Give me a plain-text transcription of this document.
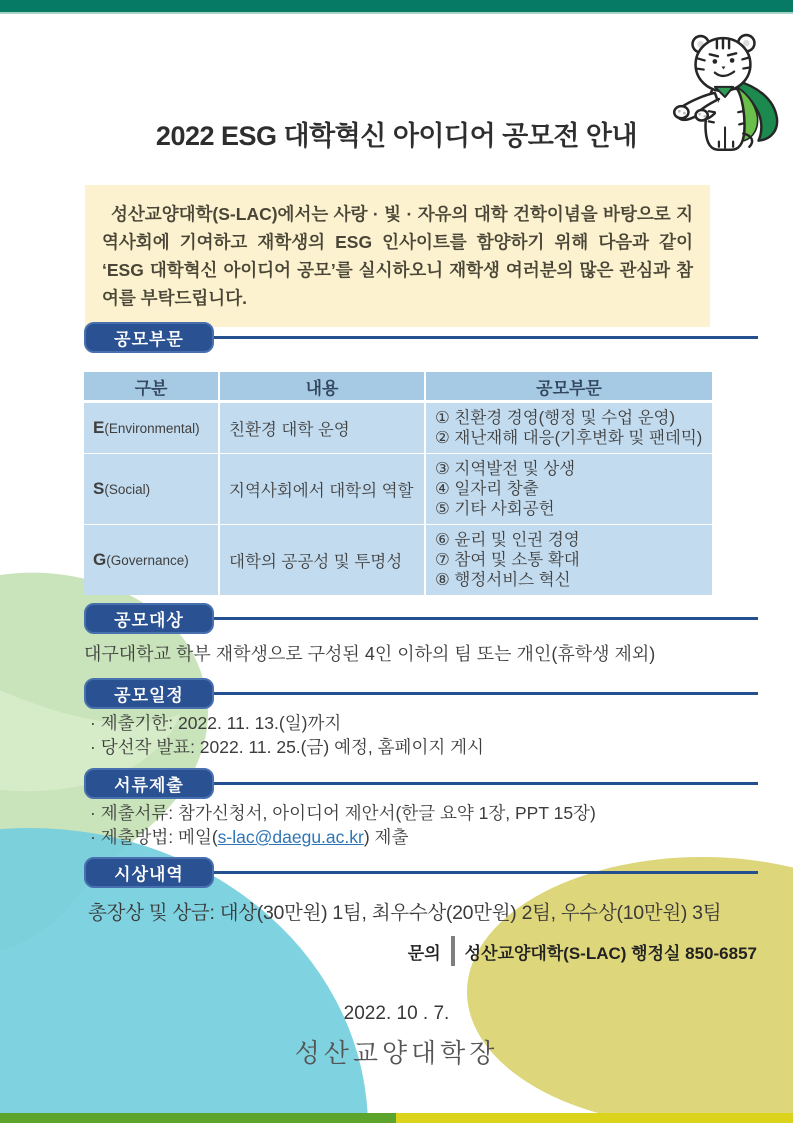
2022 ESG 대학혁신 아이디어 공모전 안내
성산교양대학(S-LAC)에서는 사랑 · 빛 · 자유의 대학 건학이념을 바탕으로 지역사회에 기여하고 재학생의 ESG 인사이트를 함양하기 위해 다음과 같이 ‘ESG 대학혁신 아이디어 공모’를 실시하오니 재학생 여러분의 많은 관심과 참여를 부탁드립니다.
공모부문
구분	내용	공모부문
E(Environmental)	친환경 대학 운영
① 친환경 경영(행정 및 수업 운영)
② 재난재해 대응(기후변화 및 팬데믹)
S(Social)	지역사회에서 대학의 역할
③ 지역발전 및 상생
④ 일자리 창출
⑤ 기타 사회공헌
G(Governance)	대학의 공공성 및 투명성
⑥ 윤리 및 인권 경영
⑦ 참여 및 소통 확대
⑧ 행정서비스 혁신
공모대상
대구대학교 학부 재학생으로 구성된 4인 이하의 팀 또는 개인(휴학생 제외)
공모일정
· 제출기한: 2022. 11. 13.(일)까지
· 당선작 발표: 2022. 11. 25.(금) 예정, 홈페이지 게시
서류제출
· 제출서류: 참가신청서, 아이디어 제안서(한글 요약 1장, PPT 15장)
· 제출방법: 메일(s-lac@daegu.ac.kr) 제출
시상내역
총장상 및 상금: 대상(30만원) 1팀, 최우수상(20만원) 2팀, 우수상(10만원) 3팀
문의 성산교양대학(S-LAC) 행정실 850-6857
2022. 10 . 7.
성산교양대학장
